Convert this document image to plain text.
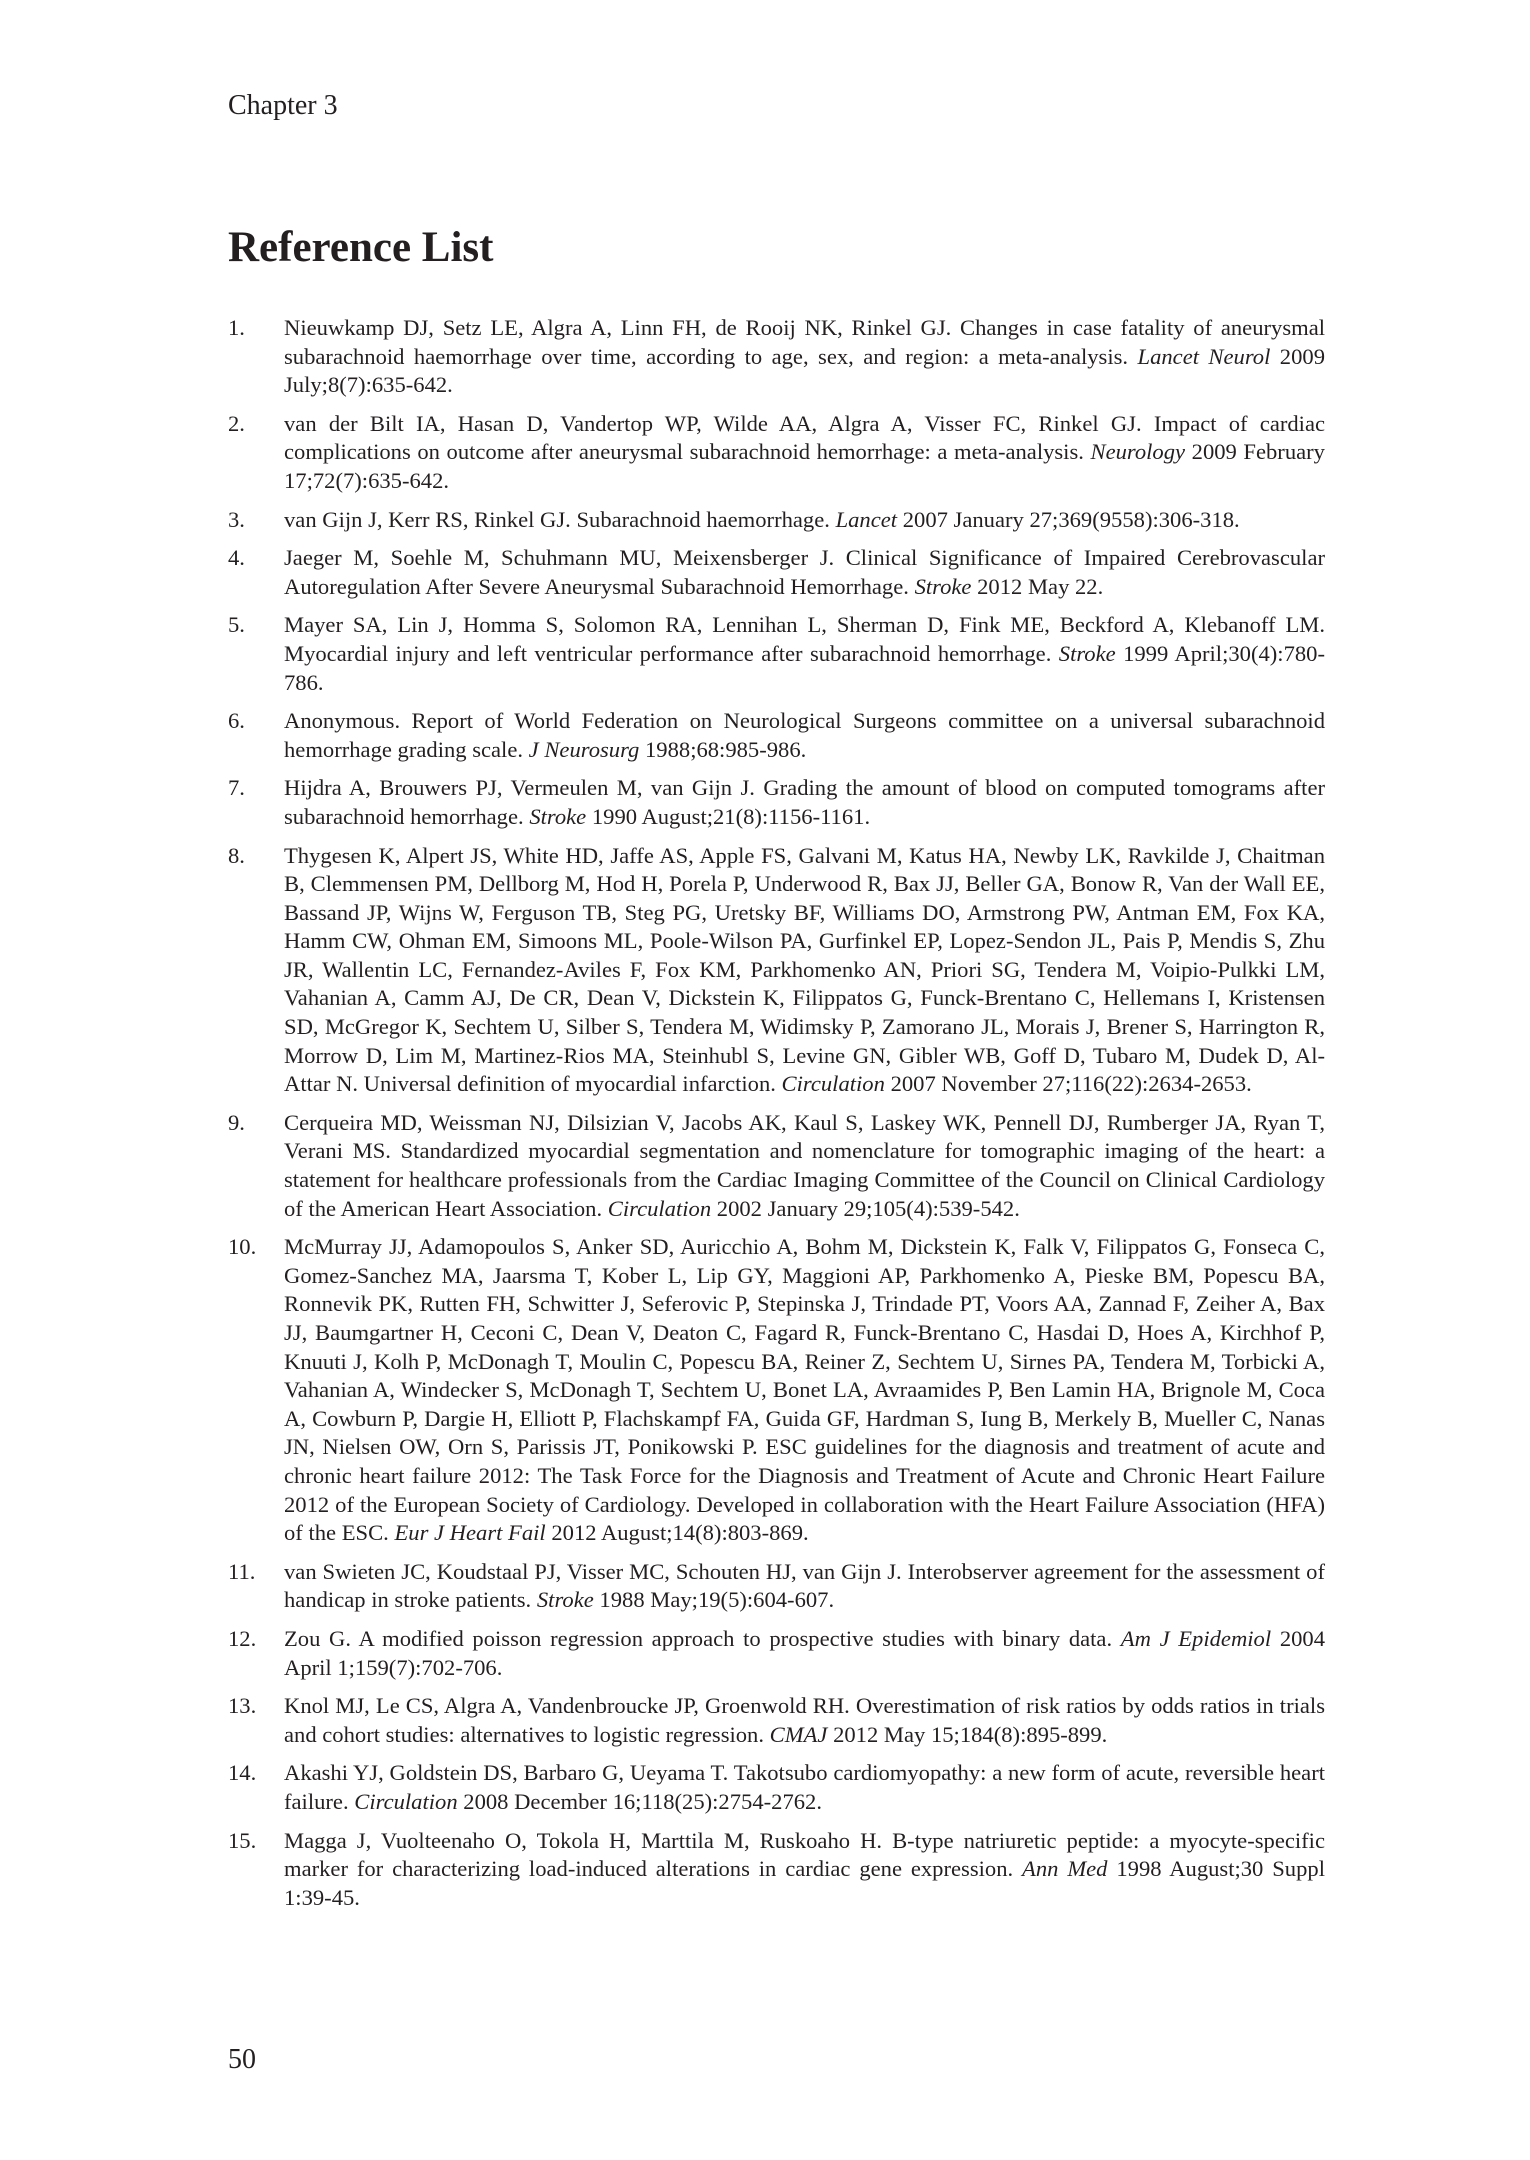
Chapter 3
Reference List
1.	Nieuwkamp DJ, Setz LE, Algra A, Linn FH, de Rooij NK, Rinkel GJ. Changes in case fatality of aneurysmal subarachnoid haemorrhage over time, according to age, sex, and region: a meta-analysis. Lancet Neurol 2009 July;8(7):635-642.
2.	van der Bilt IA, Hasan D, Vandertop WP, Wilde AA, Algra A, Visser FC, Rinkel GJ. Impact of cardiac complications on outcome after aneurysmal subarachnoid hemorrhage: a meta-analysis. Neurology 2009 February 17;72(7):635-642.
3.	van Gijn J, Kerr RS, Rinkel GJ. Subarachnoid haemorrhage. Lancet 2007 January 27;369(9558):306-318.
4.	Jaeger M, Soehle M, Schuhmann MU, Meixensberger J. Clinical Significance of Impaired Cerebrovascular Autoregulation After Severe Aneurysmal Subarachnoid Hemorrhage. Stroke 2012 May 22.
5.	Mayer SA, Lin J, Homma S, Solomon RA, Lennihan L, Sherman D, Fink ME, Beckford A, Klebanoff LM. Myocardial injury and left ventricular performance after subarachnoid hemorrhage. Stroke 1999 April;30(4):780-786.
6.	Anonymous. Report of World Federation on Neurological Surgeons committee on a universal subarachnoid hemorrhage grading scale. J Neurosurg 1988;68:985-986.
7.	Hijdra A, Brouwers PJ, Vermeulen M, van Gijn J. Grading the amount of blood on computed tomograms after subarachnoid hemorrhage. Stroke 1990 August;21(8):1156-1161.
8.	Thygesen K, Alpert JS, White HD, Jaffe AS, Apple FS, Galvani M, Katus HA, Newby LK, Ravkilde J, Chaitman B, Clemmensen PM, Dellborg M, Hod H, Porela P, Underwood R, Bax JJ, Beller GA, Bonow R, Van der Wall EE, Bassand JP, Wijns W, Ferguson TB, Steg PG, Uretsky BF, Williams DO, Armstrong PW, Antman EM, Fox KA, Hamm CW, Ohman EM, Simoons ML, Poole-Wilson PA, Gurfinkel EP, Lopez-Sendon JL, Pais P, Mendis S, Zhu JR, Wallentin LC, Fernandez-Aviles F, Fox KM, Parkhomenko AN, Priori SG, Tendera M, Voipio-Pulkki LM, Vahanian A, Camm AJ, De CR, Dean V, Dickstein K, Filippatos G, Funck-Brentano C, Hellemans I, Kristensen SD, McGregor K, Sechtem U, Silber S, Tendera M, Widimsky P, Zamorano JL, Morais J, Brener S, Harrington R, Morrow D, Lim M, Martinez-Rios MA, Steinhubl S, Levine GN, Gibler WB, Goff D, Tubaro M, Dudek D, Al-Attar N. Universal definition of myocardial infarction. Circulation 2007 November 27;116(22):2634-2653.
9.	Cerqueira MD, Weissman NJ, Dilsizian V, Jacobs AK, Kaul S, Laskey WK, Pennell DJ, Rumberger JA, Ryan T, Verani MS. Standardized myocardial segmentation and nomenclature for tomographic imaging of the heart: a statement for healthcare professionals from the Cardiac Imaging Committee of the Council on Clinical Cardiology of the American Heart Association. Circulation 2002 January 29;105(4):539-542.
10.	McMurray JJ, Adamopoulos S, Anker SD, Auricchio A, Bohm M, Dickstein K, Falk V, Filippatos G, Fonseca C, Gomez-Sanchez MA, Jaarsma T, Kober L, Lip GY, Maggioni AP, Parkhomenko A, Pieske BM, Popescu BA, Ronnevik PK, Rutten FH, Schwitter J, Seferovic P, Stepinska J, Trindade PT, Voors AA, Zannad F, Zeiher A, Bax JJ, Baumgartner H, Ceconi C, Dean V, Deaton C, Fagard R, Funck-Brentano C, Hasdai D, Hoes A, Kirchhof P, Knuuti J, Kolh P, McDonagh T, Moulin C, Popescu BA, Reiner Z, Sechtem U, Sirnes PA, Tendera M, Torbicki A, Vahanian A, Windecker S, McDonagh T, Sechtem U, Bonet LA, Avraamides P, Ben Lamin HA, Brignole M, Coca A, Cowburn P, Dargie H, Elliott P, Flachskampf FA, Guida GF, Hardman S, Iung B, Merkely B, Mueller C, Nanas JN, Nielsen OW, Orn S, Parissis JT, Ponikowski P. ESC guidelines for the diagnosis and treatment of acute and chronic heart failure 2012: The Task Force for the Diagnosis and Treatment of Acute and Chronic Heart Failure 2012 of the European Society of Cardiology. Developed in collaboration with the Heart Failure Association (HFA) of the ESC. Eur J Heart Fail 2012 August;14(8):803-869.
11.	van Swieten JC, Koudstaal PJ, Visser MC, Schouten HJ, van Gijn J. Interobserver agreement for the assessment of handicap in stroke patients. Stroke 1988 May;19(5):604-607.
12.	Zou G. A modified poisson regression approach to prospective studies with binary data. Am J Epidemiol 2004 April 1;159(7):702-706.
13.	Knol MJ, Le CS, Algra A, Vandenbroucke JP, Groenwold RH. Overestimation of risk ratios by odds ratios in trials and cohort studies: alternatives to logistic regression. CMAJ 2012 May 15;184(8):895-899.
14.	Akashi YJ, Goldstein DS, Barbaro G, Ueyama T. Takotsubo cardiomyopathy: a new form of acute, reversible heart failure. Circulation 2008 December 16;118(25):2754-2762.
15.	Magga J, Vuolteenaho O, Tokola H, Marttila M, Ruskoaho H. B-type natriuretic peptide: a myocyte-specific marker for characterizing load-induced alterations in cardiac gene expression. Ann Med 1998 August;30 Suppl 1:39-45.
50
